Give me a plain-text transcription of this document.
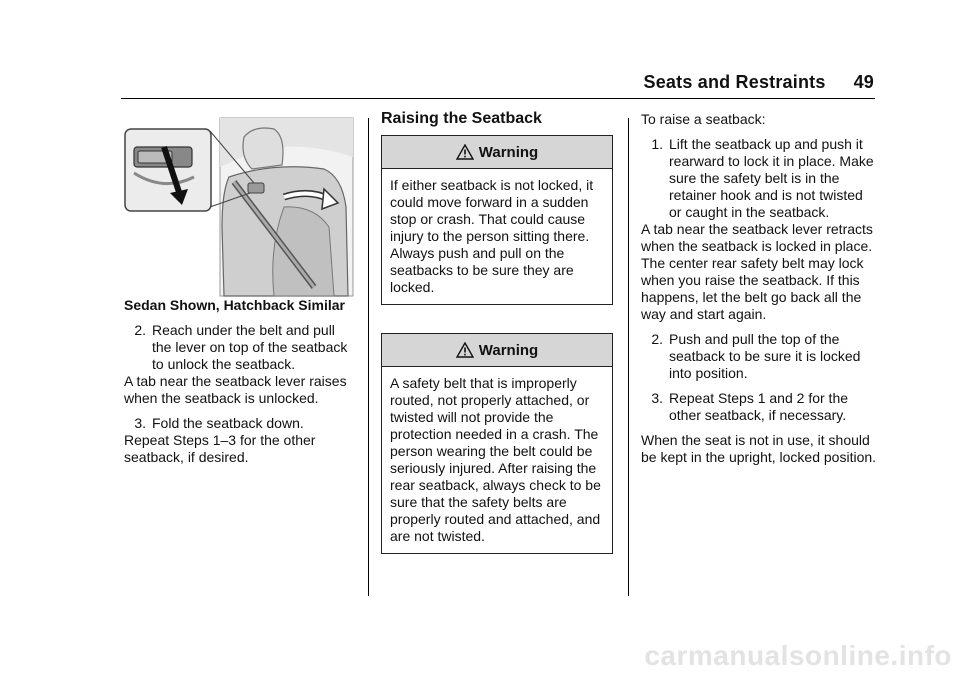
Seats and Restraints 49

Sedan Shown, Hatchback Similar

2. Reach under the belt and pull the lever on top of the seatback to unlock the seatback.

A tab near the seatback lever raises when the seatback is unlocked.

3. Fold the seatback down.

Repeat Steps 1–3 for the other seatback, if desired.

Raising the Seatback
Warning
If either seatback is not locked, it could move forward in a sudden stop or crash. That could cause injury to the person sitting there. Always push and pull on the seatbacks to be sure they are locked.
Warning
A safety belt that is improperly routed, not properly attached, or twisted will not provide the protection needed in a crash. The person wearing the belt could be seriously injured. After raising the rear seatback, always check to be sure that the safety belts are properly routed and attached, and are not twisted.

To raise a seatback:

1. Lift the seatback up and push it rearward to lock it in place. Make sure the safety belt is in the retainer hook and is not twisted or caught in the seatback.

A tab near the seatback lever retracts when the seatback is locked in place.

The center rear safety belt may lock when you raise the seatback. If this happens, let the belt go back all the way and start again.

2. Push and pull the top of the seatback to be sure it is locked into position.
3. Repeat Steps 1 and 2 for the other seatback, if necessary.

When the seat is not in use, it should be kept in the upright, locked position.

carmanualsonline.info
